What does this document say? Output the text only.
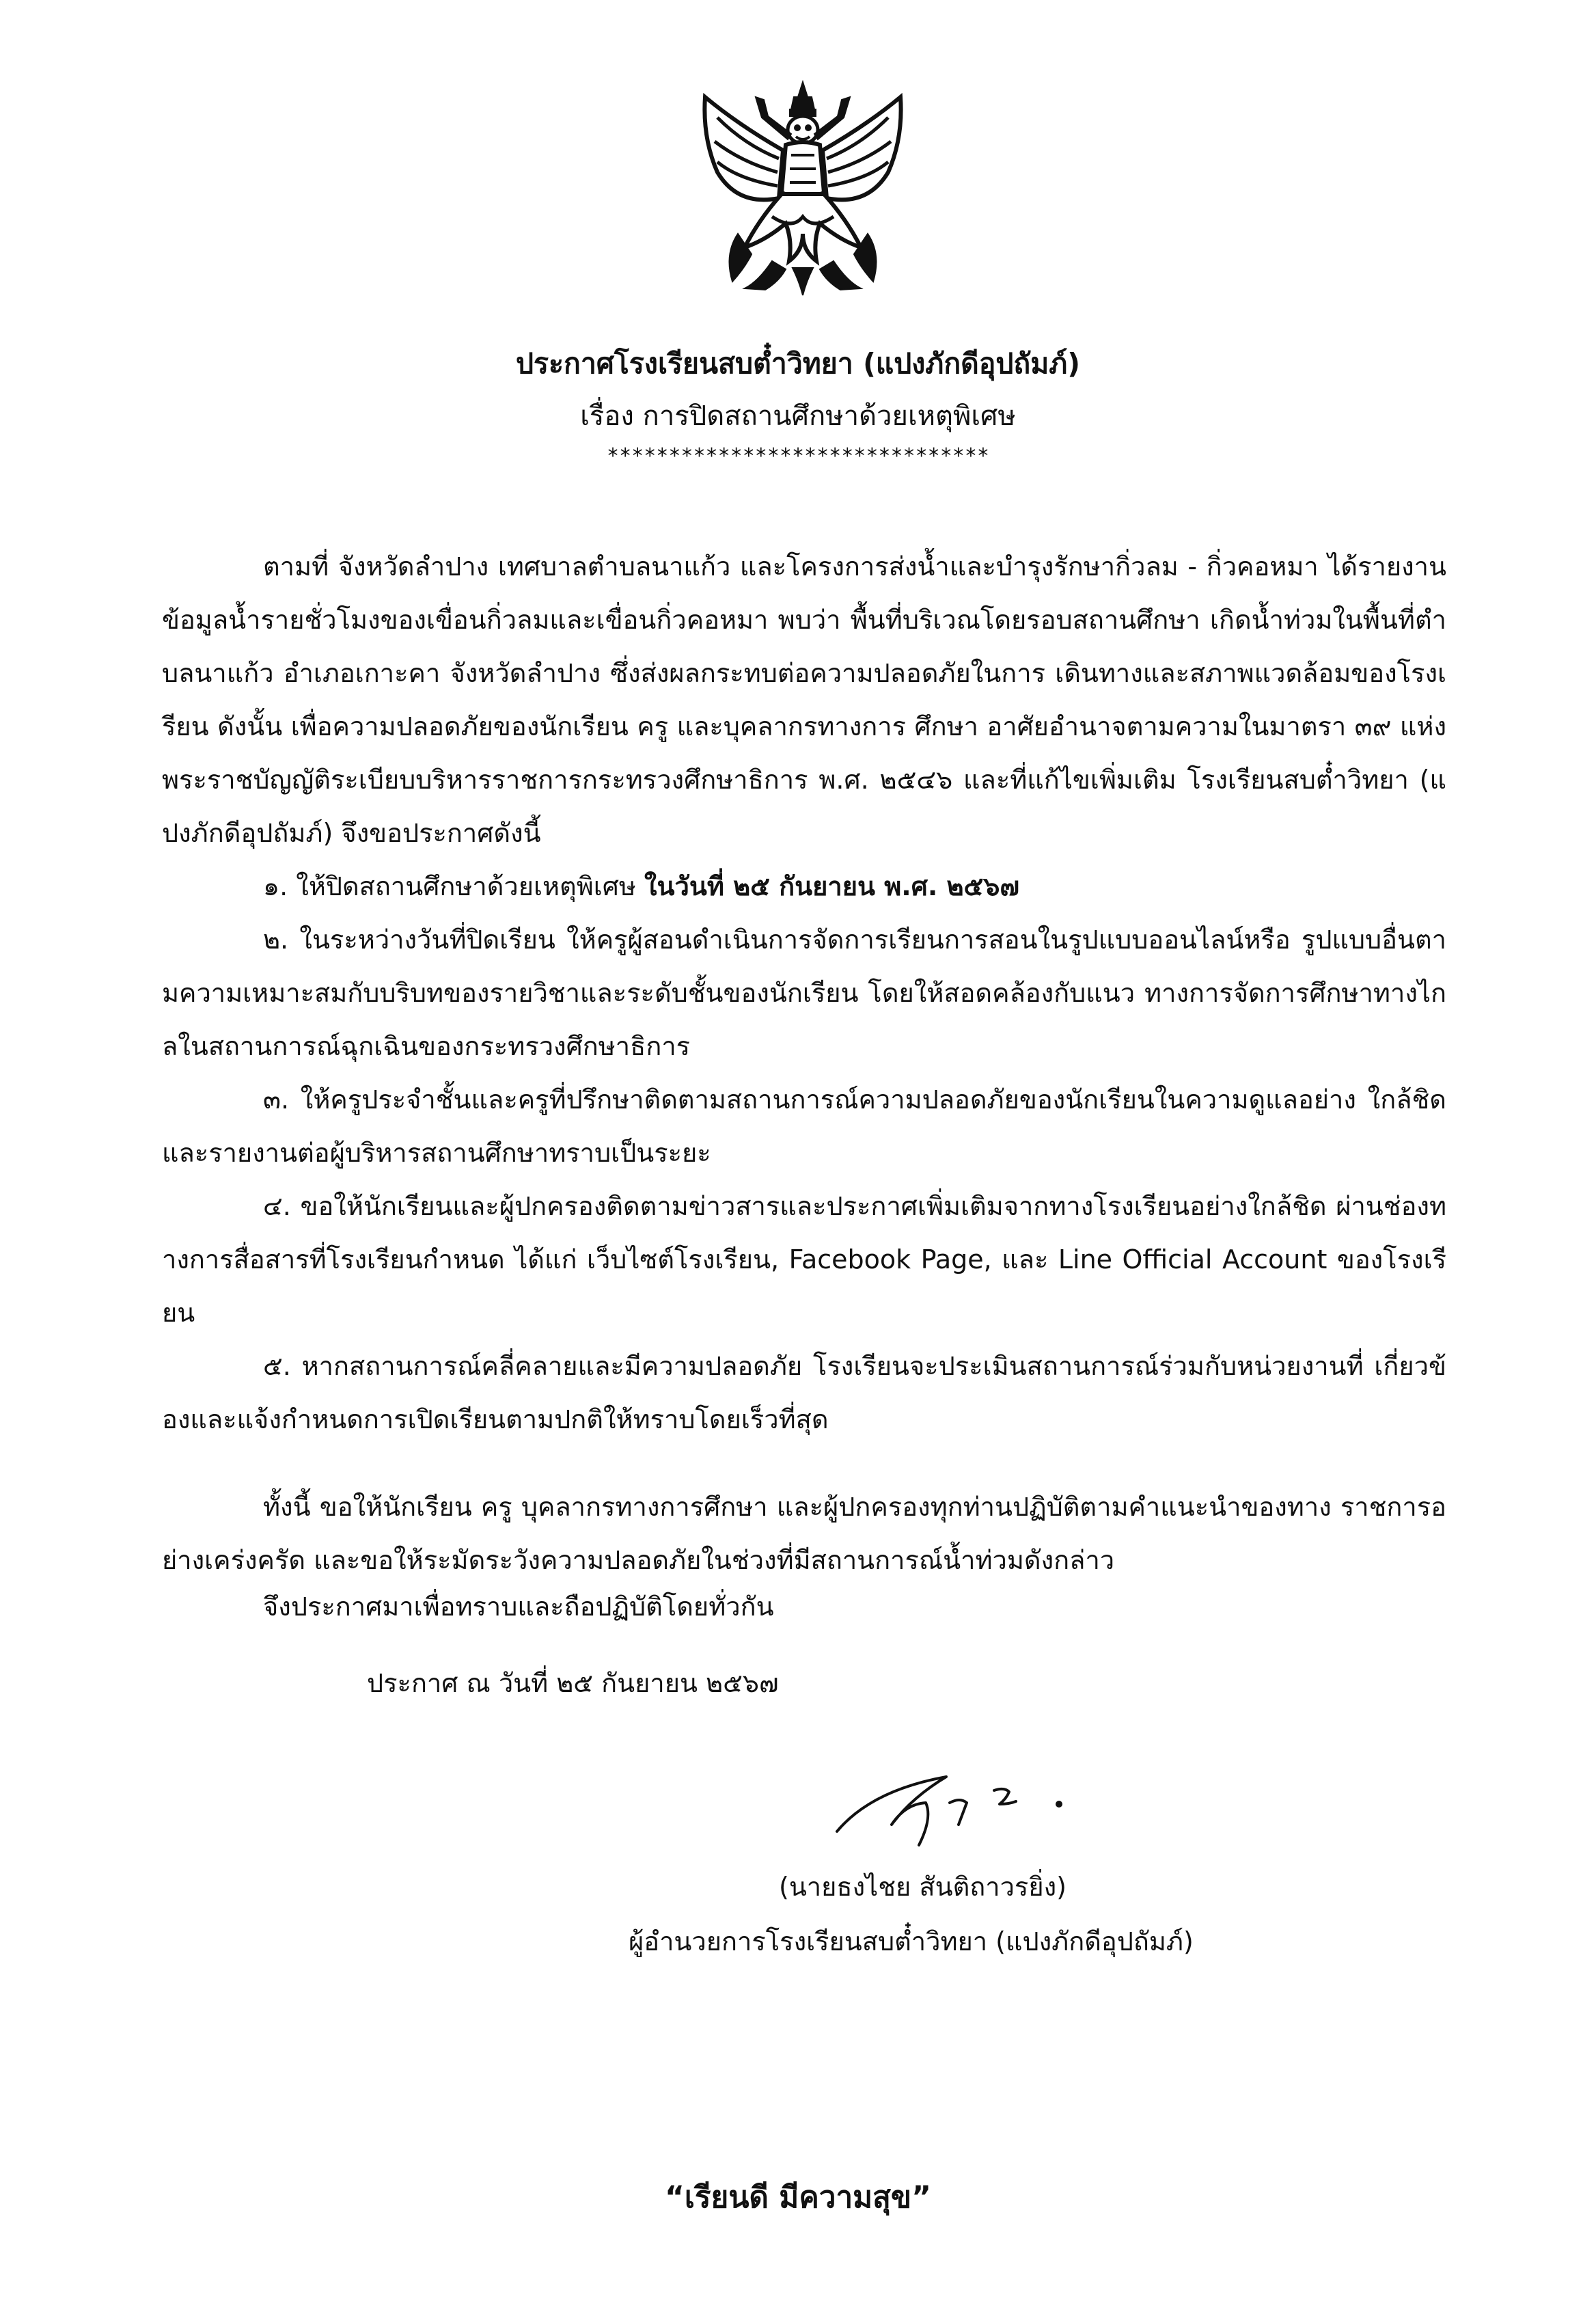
ประกาศโรงเรียนสบต๋ำวิทยา (แปงภักดีอุปถัมภ์)
เรื่อง การปิดสถานศึกษาด้วยเหตุพิเศษ
*******************************

ตามที่ จังหวัดลำปาง เทศบาลตำบลนาแก้ว และโครงการส่งน้ำและบำรุงรักษากิ่วลม - กิ่วคอหมา ได้รายงานข้อมูลน้ำรายชั่วโมงของเขื่อนกิ่วลมและเขื่อนกิ่วคอหมา พบว่า พื้นที่บริเวณโดยรอบสถานศึกษา เกิดน้ำท่วมในพื้นที่ตำบลนาแก้ว อำเภอเกาะคา จังหวัดลำปาง ซึ่งส่งผลกระทบต่อความปลอดภัยในการ เดินทางและสภาพแวดล้อมของโรงเรียน ดังนั้น เพื่อความปลอดภัยของนักเรียน ครู และบุคลากรทางการ ศึกษา อาศัยอำนาจตามความในมาตรา ๓๙ แห่งพระราชบัญญัติระเบียบบริหารราชการกระทรวงศึกษาธิการ พ.ศ. ๒๕๔๖ และที่แก้ไขเพิ่มเติม โรงเรียนสบต๋ำวิทยา (แปงภักดีอุปถัมภ์) จึงขอประกาศดังนี้

๑. ให้ปิดสถานศึกษาด้วยเหตุพิเศษ ในวันที่ ๒๕ กันยายน พ.ศ. ๒๕๖๗

๒. ในระหว่างวันที่ปิดเรียน ให้ครูผู้สอนดำเนินการจัดการเรียนการสอนในรูปแบบออนไลน์หรือ รูปแบบอื่นตามความเหมาะสมกับบริบทของรายวิชาและระดับชั้นของนักเรียน โดยให้สอดคล้องกับแนว ทางการจัดการศึกษาทางไกลในสถานการณ์ฉุกเฉินของกระทรวงศึกษาธิการ

๓. ให้ครูประจำชั้นและครูที่ปรึกษาติดตามสถานการณ์ความปลอดภัยของนักเรียนในความดูแลอย่าง ใกล้ชิด และรายงานต่อผู้บริหารสถานศึกษาทราบเป็นระยะ

๔. ขอให้นักเรียนและผู้ปกครองติดตามข่าวสารและประกาศเพิ่มเติมจากทางโรงเรียนอย่างใกล้ชิด ผ่านช่องทางการสื่อสารที่โรงเรียนกำหนด ได้แก่ เว็บไซต์โรงเรียน, Facebook Page, และ Line Official Account ของโรงเรียน

๕. หากสถานการณ์คลี่คลายและมีความปลอดภัย โรงเรียนจะประเมินสถานการณ์ร่วมกับหน่วยงานที่ เกี่ยวข้องและแจ้งกำหนดการเปิดเรียนตามปกติให้ทราบโดยเร็วที่สุด

ทั้งนี้ ขอให้นักเรียน ครู บุคลากรทางการศึกษา และผู้ปกครองทุกท่านปฏิบัติตามคำแนะนำของทาง ราชการอย่างเคร่งครัด และขอให้ระมัดระวังความปลอดภัยในช่วงที่มีสถานการณ์น้ำท่วมดังกล่าว

จึงประกาศมาเพื่อทราบและถือปฏิบัติโดยทั่วกัน
ประกาศ ณ วันที่ ๒๕ กันยายน ๒๕๖๗
(นายธงไชย สันติถาวรยิ่ง)
ผู้อำนวยการโรงเรียนสบต๋ำวิทยา (แปงภักดีอุปถัมภ์)
“เรียนดี มีความสุข”
